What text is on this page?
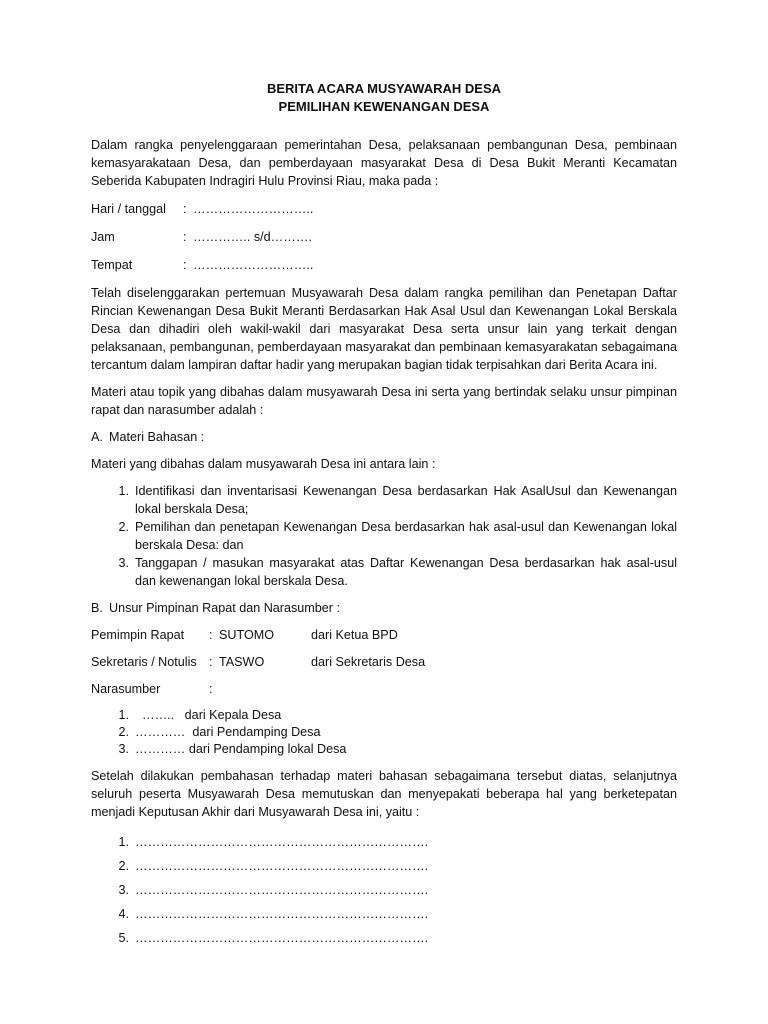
BERITA ACARA MUSYAWARAH DESA
PEMILIHAN KEWENANGAN DESA

Dalam rangka penyelenggaraan pemerintahan Desa, pelaksanaan pembangunan Desa, pembinaan kemasyarakataan Desa, dan pemberdayaan masyarakat Desa di Desa Bukit Meranti Kecamatan Seberida Kabupaten Indragiri Hulu Provinsi Riau, maka pada :

Hari / tanggal	: ………………………..
Jam	: ………….. s/d……….
Tempat	: ………………………..

Telah diselenggarakan pertemuan Musyawarah Desa dalam rangka pemilihan dan Penetapan Daftar Rincian Kewenangan Desa Bukit Meranti Berdasarkan Hak Asal Usul dan Kewenangan Lokal Berskala Desa dan dihadiri oleh wakil-wakil dari masyarakat Desa serta unsur lain yang terkait dengan pelaksanaan, pembangunan, pemberdayaan masyarakat dan pembinaan kemasyarakatan sebagaimana tercantum dalam lampiran daftar hadir yang merupakan bagian tidak terpisahkan dari Berita Acara ini.

Materi atau topik yang dibahas dalam musyawarah Desa ini serta yang bertindak selaku unsur pimpinan rapat dan narasumber adalah :

A. Materi Bahasan :

Materi yang dibahas dalam musyawarah Desa ini antara lain :

1. Identifikasi dan inventarisasi Kewenangan Desa berdasarkan Hak AsalUsul dan Kewenangan lokal berskala Desa;
2. Pemilihan dan penetapan Kewenangan Desa berdasarkan hak asal-usul dan Kewenangan lokal berskala Desa: dan
3. Tanggapan / masukan masyarakat atas Daftar Kewenangan Desa berdasarkan hak asal-usul dan kewenangan lokal berskala Desa.
B. Unsur Pimpinan Rapat dan Narasumber :
Pemimpin Rapat	: SUTOMO	dari Ketua BPD
Sekretaris / Notulis : TASWO	dari Sekretaris Desa
Narasumber	:
1. ……..   dari Kepala Desa
2. …………  dari Pendamping Desa
3. ………… dari Pendamping lokal Desa

Setelah dilakukan pembahasan terhadap materi bahasan sebagaimana tersebut diatas, selanjutnya seluruh peserta Musyawarah Desa memutuskan dan menyepakati beberapa hal yang berketepatan menjadi Keputusan Akhir dari Musyawarah Desa ini, yaitu :

1. …………………………………………………………….
2. …………………………………………………………….
3. …………………………………………………………….
4. …………………………………………………………….
5. …………………………………………………………….
